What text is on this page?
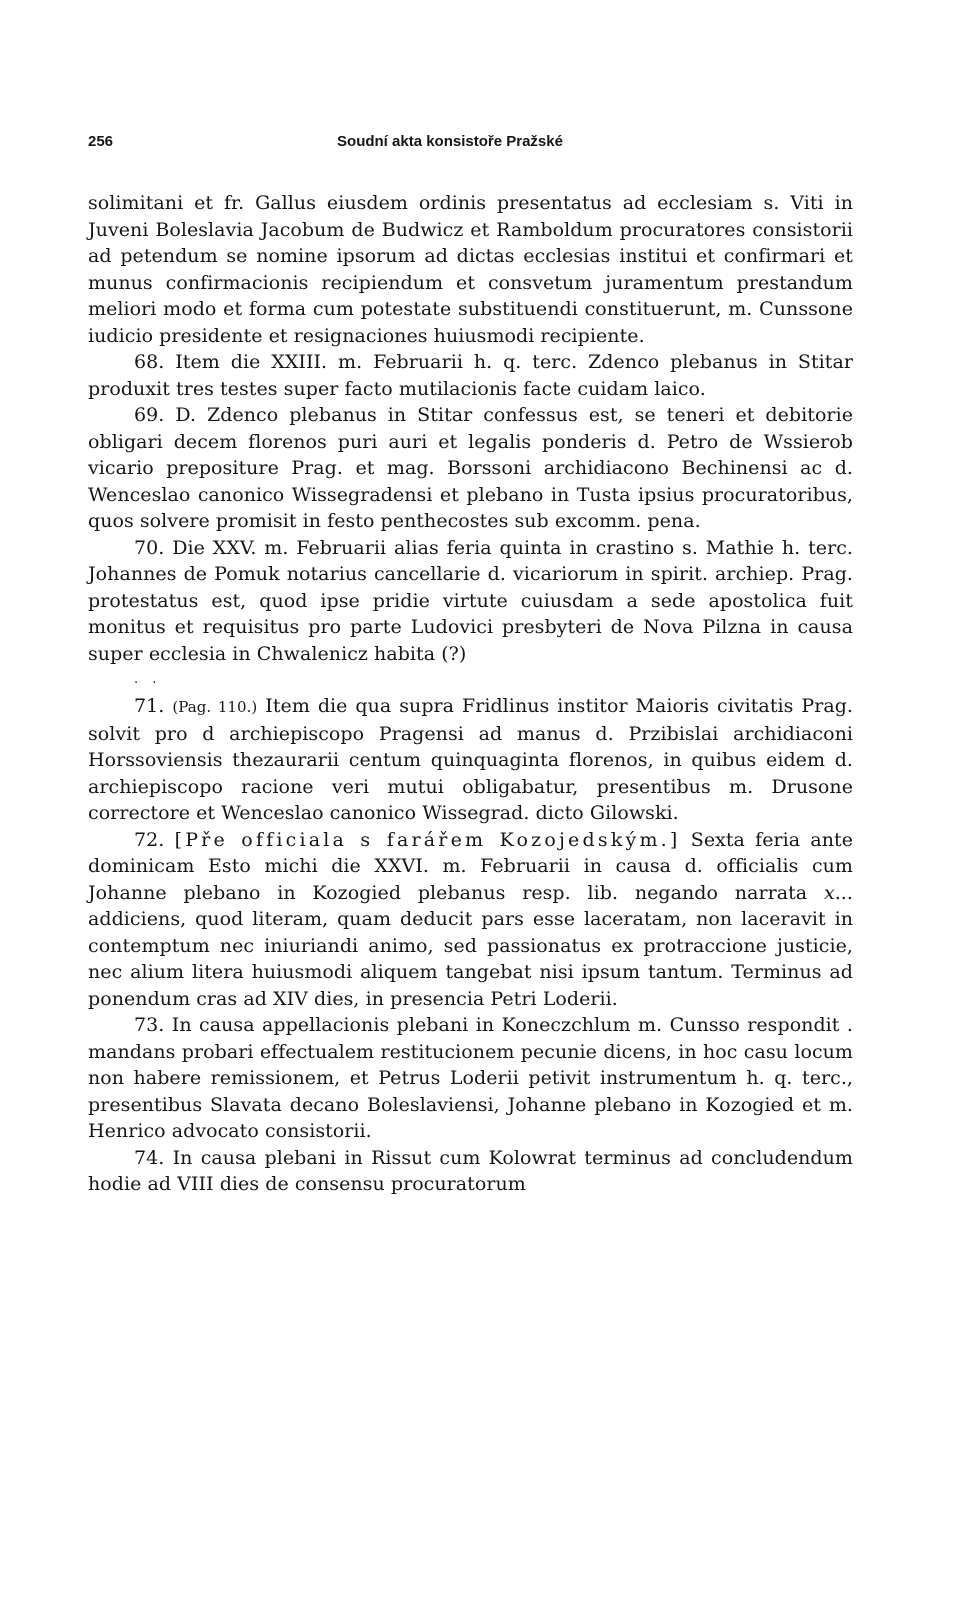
256	Soudní akta konsistoře Pražské

solimitani et fr. Gallus eiusdem ordinis presentatus ad ecclesiam s. Viti in Juveni Boleslavia Jacobum de Budwicz et Ramboldum procuratores consistorii ad petendum se nomine ipsorum ad dictas ecclesias institui et confirmari et munus confirmacionis recipiendum et consvetum juramentum prestandum meliori modo et forma cum potestate substituendi constituerunt, m. Cunssone iudicio presidente et resignaciones huiusmodi recipiente.

68. Item die XXIII. m. Februarii h. q. terc. Zdenco plebanus in Stitar produxit tres testes super facto mutilacionis facte cuidam laico.

69. D. Zdenco plebanus in Stitar confessus est, se teneri et debitorie obligari decem florenos puri auri et legalis ponderis d. Petro de Wssierob vicario prepositure Prag. et mag. Borssoni archidiacono Bechinensi ac d. Wenceslao canonico Wissegradensi et plebano in Tusta ipsius procuratoribus, quos solvere promisit in festo penthecostes sub excomm. pena.

70. Die XXV. m. Februarii alias feria quinta in crastino s. Mathie h. terc. Johannes de Pomuk notarius cancellarie d. vicariorum in spirit. archiep. Prag. protestatus est, quod ipse pridie virtute cuiusdam a sede apostolica fuit monitus et requisitus pro parte Ludovici presbyteri de Nova Pilzna in causa super ecclesia in Chwalenicz habita (?)

. .

71. (Pag. 110.) Item die qua supra Fridlinus institor Maioris civitatis Prag. solvit pro d archiepiscopo Pragensi ad manus d. Przibislai archidiaconi Horssoviensis thezaurarii centum quinquaginta florenos, in quibus eidem d. archiepiscopo racione veri mutui obligabatur, presentibus m. Drusone correctore et Wenceslao canonico Wissegrad. dicto Gilowski.

72. [Pře officiala s farářem Kozojedským.] Sexta feria ante dominicam Esto michi die XXVI. m. Februarii in causa d. officialis cum Johanne plebano in Kozogied plebanus resp. lib. negando narrata x... addiciens, quod literam, quam deducit pars esse laceratam, non laceravit in contemptum nec iniuriandi animo, sed passionatus ex protraccione justicie, nec alium litera huiusmodi aliquem tangebat nisi ipsum tantum. Terminus ad ponendum cras ad XIV dies, in presencia Petri Loderii.

73. In causa appellacionis plebani in Koneczchlum m. Cunsso respondit . mandans probari effectualem restitucionem pecunie dicens, in hoc casu locum non habere remissionem, et Petrus Loderii petivit instrumentum h. q. terc., presentibus Slavata decano Boleslaviensi, Johanne plebano in Kozogied et m. Henrico advocato consistorii.

74. In causa plebani in Rissut cum Kolowrat terminus ad concludendum hodie ad VIII dies de consensu procuratorum
